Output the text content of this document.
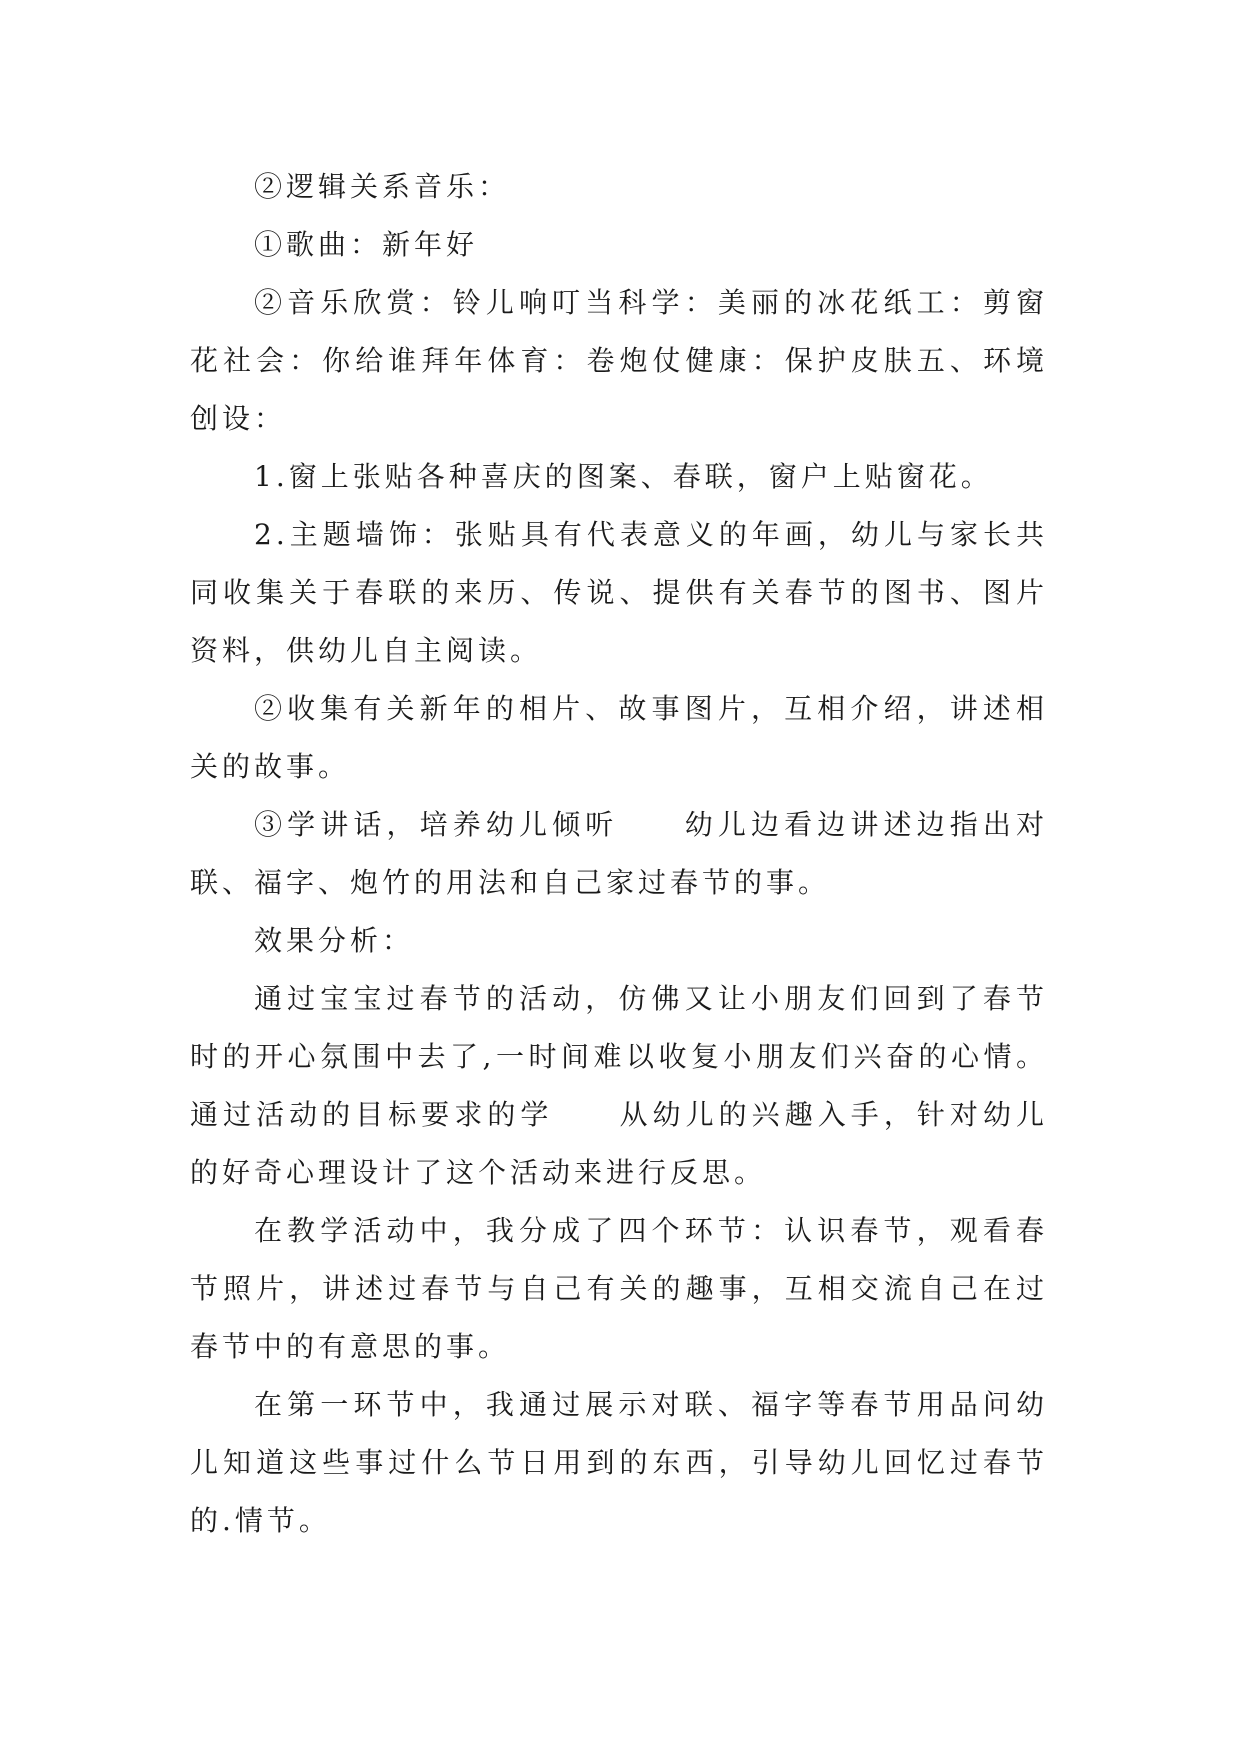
②逻辑关系音乐：

①歌曲：新年好

②音乐欣赏：铃儿响叮当科学：美丽的冰花纸工：剪窗花社会：你给谁拜年体育：卷炮仗健康：保护皮肤五、环境创设：

1.窗上张贴各种喜庆的图案、春联，窗户上贴窗花。

2.主题墙饰：张贴具有代表意义的年画，幼儿与家长共同收集关于春联的来历、传说、提供有关春节的图书、图片资料，供幼儿自主阅读。

②收集有关新年的相片、故事图片，互相介绍，讲述相关的故事。

③学讲话，培养幼儿倾听　　幼儿边看边讲述边指出对联、福字、炮竹的用法和自己家过春节的事。

效果分析：

通过宝宝过春节的活动，仿佛又让小朋友们回到了春节时的开心氛围中去了,一时间难以收复小朋友们兴奋的心情。通过活动的目标要求的学　　从幼儿的兴趣入手，针对幼儿的好奇心理设计了这个活动来进行反思。

在教学活动中，我分成了四个环节：认识春节，观看春节照片，讲述过春节与自己有关的趣事，互相交流自己在过春节中的有意思的事。

在第一环节中，我通过展示对联、福字等春节用品问幼儿知道这些事过什么节日用到的东西，引导幼儿回忆过春节的.情节。
